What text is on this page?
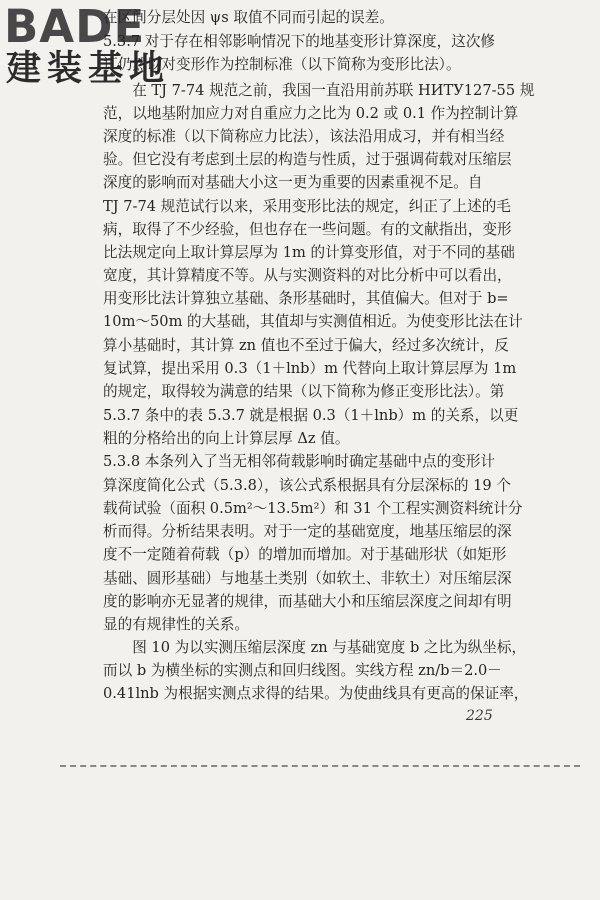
BADE
建装基地
在区间分层处因 ψs 取值不同而引起的误差。
5.3.7 对于存在相邻影响情况下的地基变形计算深度，这次修
订仍然以对变形作为控制标准（以下简称为变形比法）。
　　在 TJ 7-74 规范之前，我国一直沿用前苏联 НИТУ127-55 规
范，以地基附加应力对自重应力之比为 0.2 或 0.1 作为控制计算
深度的标准（以下简称应力比法），该法沿用成习，并有相当经
验。但它没有考虑到土层的构造与性质，过于强调荷载对压缩层
深度的影响而对基础大小这一更为重要的因素重视不足。自
TJ 7-74 规范试行以来，采用变形比法的规定，纠正了上述的毛
病，取得了不少经验，但也存在一些问题。有的文献指出，变形
比法规定向上取计算层厚为 1m 的计算变形值，对于不同的基础
宽度，其计算精度不等。从与实测资料的对比分析中可以看出，
用变形比法计算独立基础、条形基础时，其值偏大。但对于 b=
10m～50m 的大基础，其值却与实测值相近。为使变形比法在计
算小基础时，其计算 zn 值也不至过于偏大，经过多次统计，反
复试算，提出采用 0.3（1＋lnb）m 代替向上取计算层厚为 1m
的规定，取得较为满意的结果（以下简称为修正变形比法）。第
5.3.7 条中的表 5.3.7 就是根据 0.3（1＋lnb）m 的关系，以更
粗的分格给出的向上计算层厚 Δz 值。
5.3.8 本条列入了当无相邻荷载影响时确定基础中点的变形计
算深度简化公式（5.3.8），该公式系根据具有分层深标的 19 个
载荷试验（面积 0.5m²～13.5m²）和 31 个工程实测资料统计分
析而得。分析结果表明。对于一定的基础宽度，地基压缩层的深
度不一定随着荷载（p）的增加而增加。对于基础形状（如矩形
基础、圆形基础）与地基土类别（如软土、非软土）对压缩层深
度的影响亦无显著的规律，而基础大小和压缩层深度之间却有明
显的有规律性的关系。
　　图 10 为以实测压缩层深度 zn 与基础宽度 b 之比为纵坐标，
而以 b 为横坐标的实测点和回归线图。实线方程 zn/b＝2.0－
0.41lnb 为根据实测点求得的结果。为使曲线具有更高的保证率，
225
